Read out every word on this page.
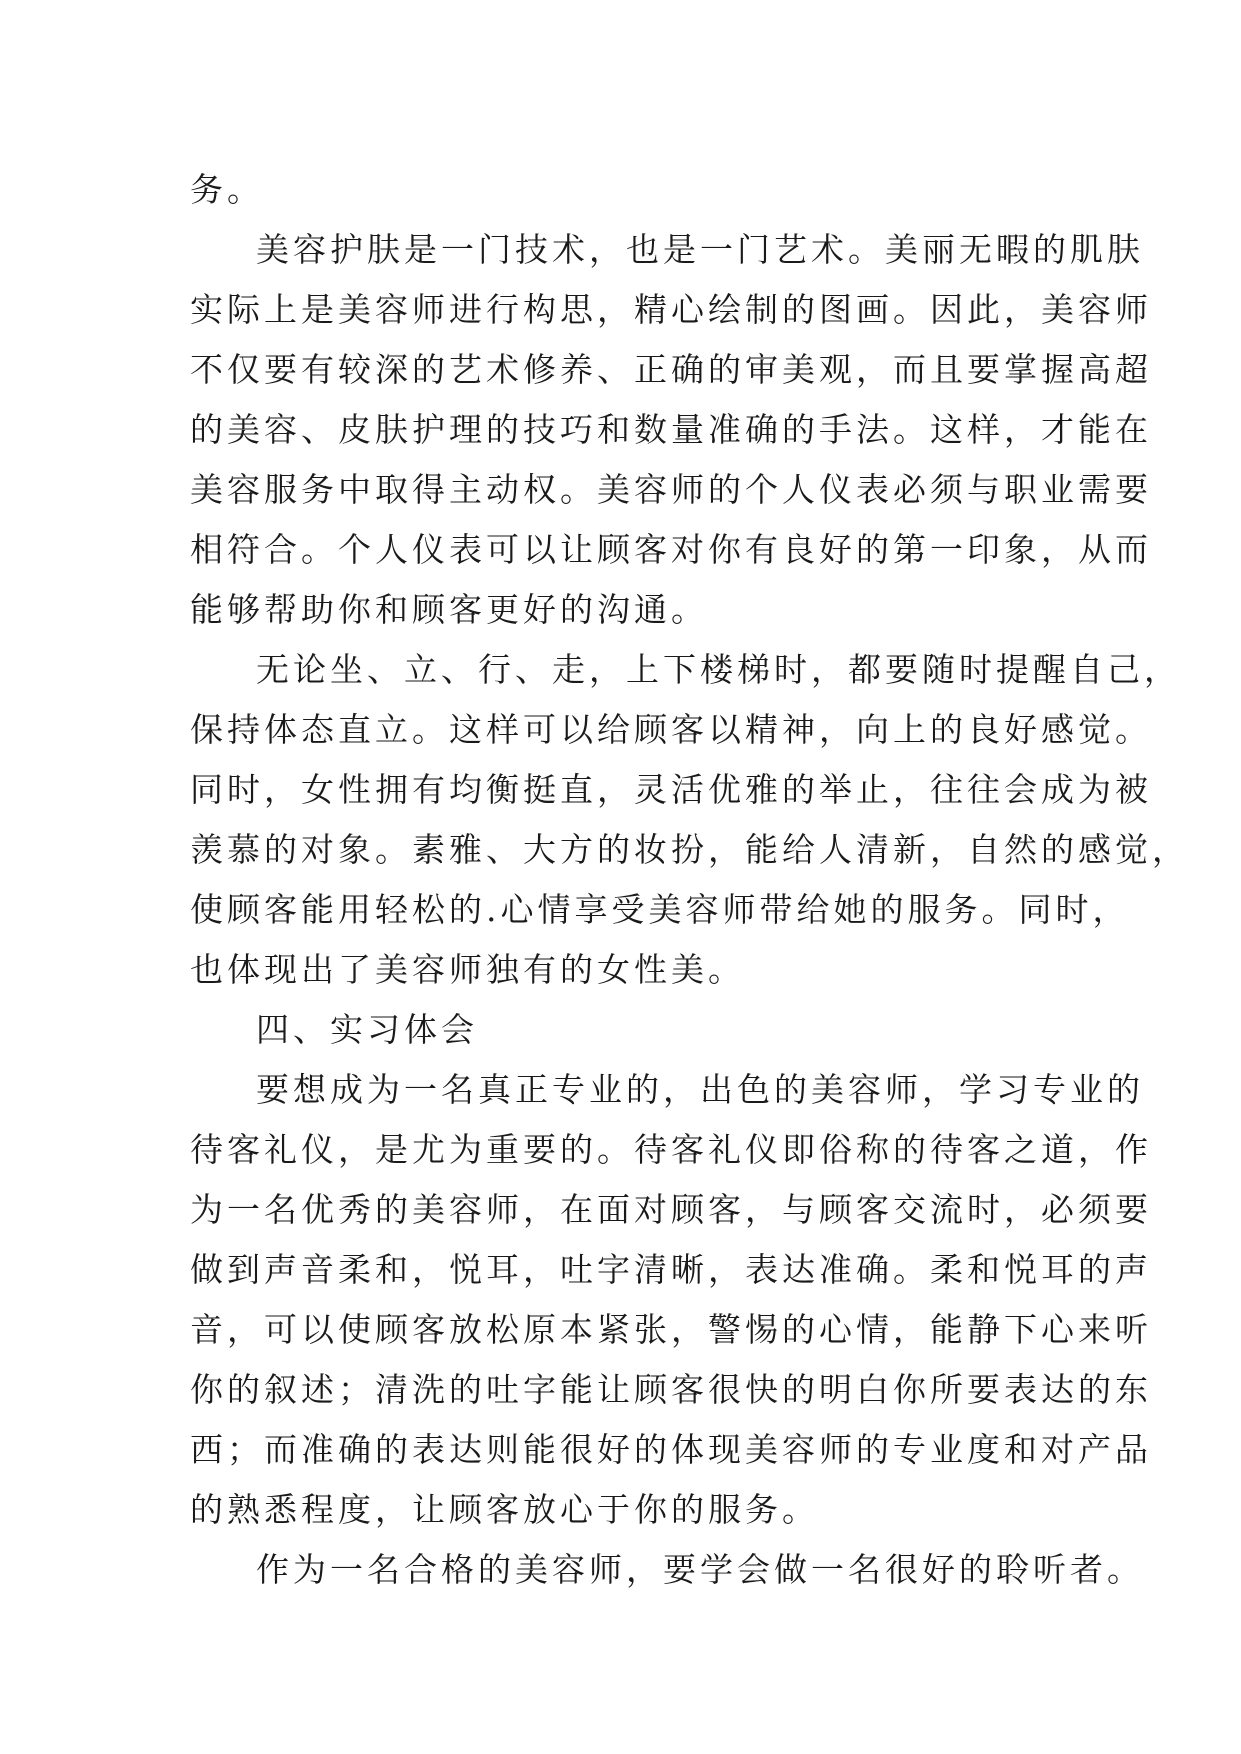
务。
美容护肤是一门技术，也是一门艺术。美丽无暇的肌肤
实际上是美容师进行构思，精心绘制的图画。因此，美容师
不仅要有较深的艺术修养、正确的审美观，而且要掌握高超
的美容、皮肤护理的技巧和数量准确的手法。这样，才能在
美容服务中取得主动权。美容师的个人仪表必须与职业需要
相符合。个人仪表可以让顾客对你有良好的第一印象，从而
能够帮助你和顾客更好的沟通。
无论坐、立、行、走，上下楼梯时，都要随时提醒自己，
保持体态直立。这样可以给顾客以精神，向上的良好感觉。
同时，女性拥有均衡挺直，灵活优雅的举止，往往会成为被
羡慕的对象。素雅、大方的妆扮，能给人清新，自然的感觉，
使顾客能用轻松的.心情享受美容师带给她的服务。同时，
也体现出了美容师独有的女性美。
四、实习体会
要想成为一名真正专业的，出色的美容师，学习专业的
待客礼仪，是尤为重要的。待客礼仪即俗称的待客之道，作
为一名优秀的美容师，在面对顾客，与顾客交流时，必须要
做到声音柔和，悦耳，吐字清晰，表达准确。柔和悦耳的声
音，可以使顾客放松原本紧张，警惕的心情，能静下心来听
你的叙述；清洗的吐字能让顾客很快的明白你所要表达的东
西；而准确的表达则能很好的体现美容师的专业度和对产品
的熟悉程度，让顾客放心于你的服务。
作为一名合格的美容师，要学会做一名很好的聆听者。
